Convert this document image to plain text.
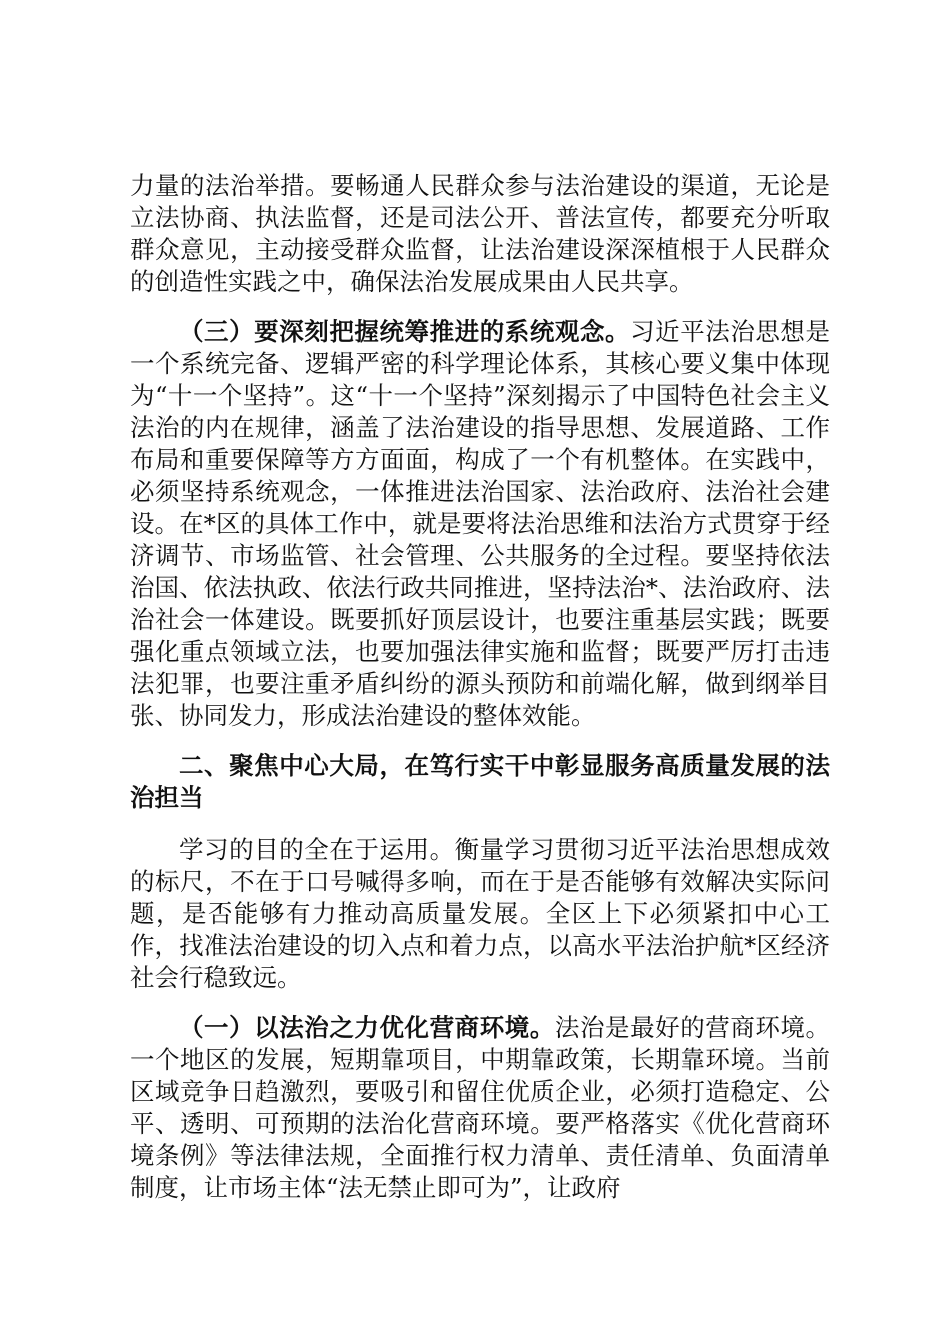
力量的法治举措。要畅通人民群众参与法治建设的渠道，无论是立法协商、执法监督，还是司法公开、普法宣传，都要充分听取群众意见，主动接受群众监督，让法治建设深深植根于人民群众的创造性实践之中，确保法治发展成果由人民共享。

（三）要深刻把握统筹推进的系统观念。习近平法治思想是一个系统完备、逻辑严密的科学理论体系，其核心要义集中体现为“十一个坚持”。这“十一个坚持”深刻揭示了中国特色社会主义法治的内在规律，涵盖了法治建设的指导思想、发展道路、工作布局和重要保障等方方面面，构成了一个有机整体。在实践中，必须坚持系统观念，一体推进法治国家、法治政府、法治社会建设。在*区的具体工作中，就是要将法治思维和法治方式贯穿于经济调节、市场监管、社会管理、公共服务的全过程。要坚持依法治国、依法执政、依法行政共同推进，坚持法治*、法治政府、法治社会一体建设。既要抓好顶层设计，也要注重基层实践；既要强化重点领域立法，也要加强法律实施和监督；既要严厉打击违法犯罪，也要注重矛盾纠纷的源头预防和前端化解，做到纲举目张、协同发力，形成法治建设的整体效能。

二、聚焦中心大局，在笃行实干中彰显服务高质量发展的法治担当

学习的目的全在于运用。衡量学习贯彻习近平法治思想成效的标尺，不在于口号喊得多响，而在于是否能够有效解决实际问题，是否能够有力推动高质量发展。全区上下必须紧扣中心工作，找准法治建设的切入点和着力点，以高水平法治护航*区经济社会行稳致远。

（一）以法治之力优化营商环境。法治是最好的营商环境。一个地区的发展，短期靠项目，中期靠政策，长期靠环境。当前区域竞争日趋激烈，要吸引和留住优质企业，必须打造稳定、公平、透明、可预期的法治化营商环境。要严格落实《优化营商环境条例》等法律法规，全面推行权力清单、责任清单、负面清单制度，让市场主体“法无禁止即可为”，让政府
